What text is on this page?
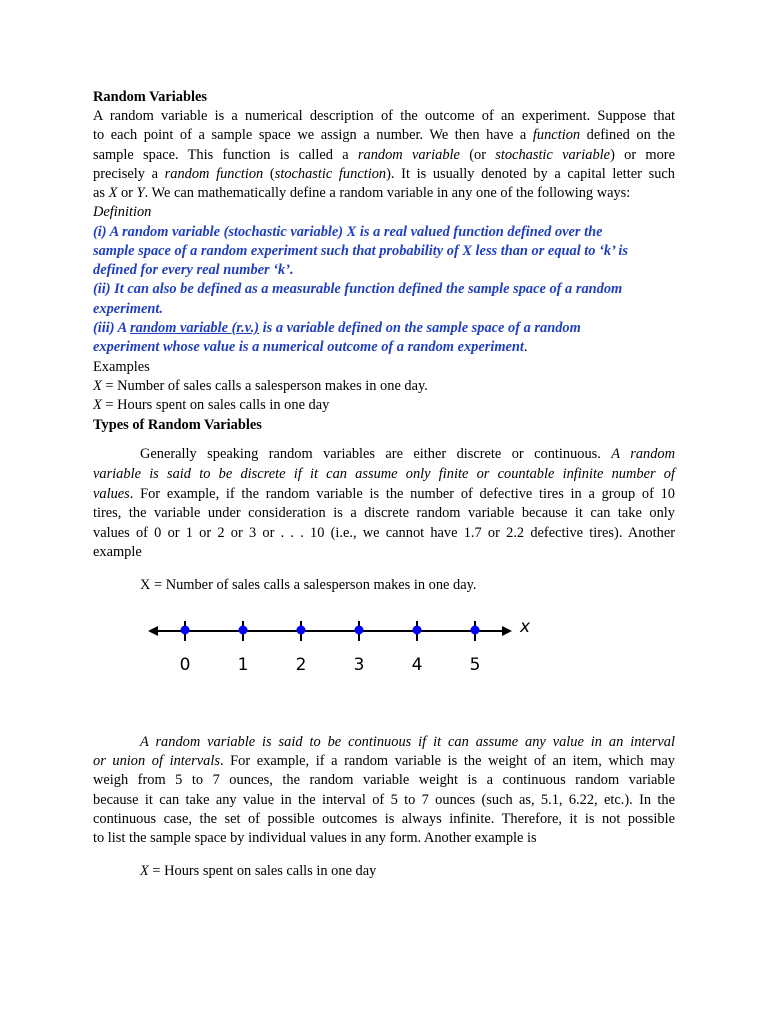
Random Variables
A random variable is a numerical description of the outcome of an experiment. Suppose that
to each point of a sample space we assign a number. We then have a function defined on the
sample space. This function is called a random variable (or stochastic variable) or more
precisely a random function (stochastic function). It is usually denoted by a capital letter such
as X or Y. We can mathematically define a random variable in any one of the following ways:
Definition
(i) A random variable (stochastic variable) X is a real valued function defined over the
sample space of a random experiment such that probability of X less than or equal to ‘k’ is
defined for every real number ‘k’.
(ii) It can also be defined as a measurable function defined the sample space of a random
experiment.
(iii) A random variable (r.v.) is a variable defined on the sample space of a random
experiment whose value is a numerical outcome of a random experiment.
Examples
X = Number of sales calls a salesperson makes in one day.
X = Hours spent on sales calls in one day
Types of Random Variables
Generally speaking random variables are either discrete or continuous. A random
variable is said to be discrete if it can assume only finite or countable infinite number of
values. For example, if the random variable is the number of defective tires in a group of 10
tires, the variable under consideration is a discrete random variable because it can take only
values of 0 or 1 or 2 or 3 or . . . 10 (i.e., we cannot have 1.7 or 2.2 defective tires). Another
example
X = Number of sales calls a salesperson makes in one day.
x
0	1	2	3	4	5
A random variable is said to be continuous if it can assume any value in an interval
or union of intervals. For example, if a random variable is the weight of an item, which may
weigh from 5 to 7 ounces, the random variable weight is a continuous random variable
because it can take any value in the interval of 5 to 7 ounces (such as, 5.1, 6.22, etc.). In the
continuous case, the set of possible outcomes is always infinite. Therefore, it is not possible
to list the sample space by individual values in any form. Another example is
X = Hours spent on sales calls in one day
